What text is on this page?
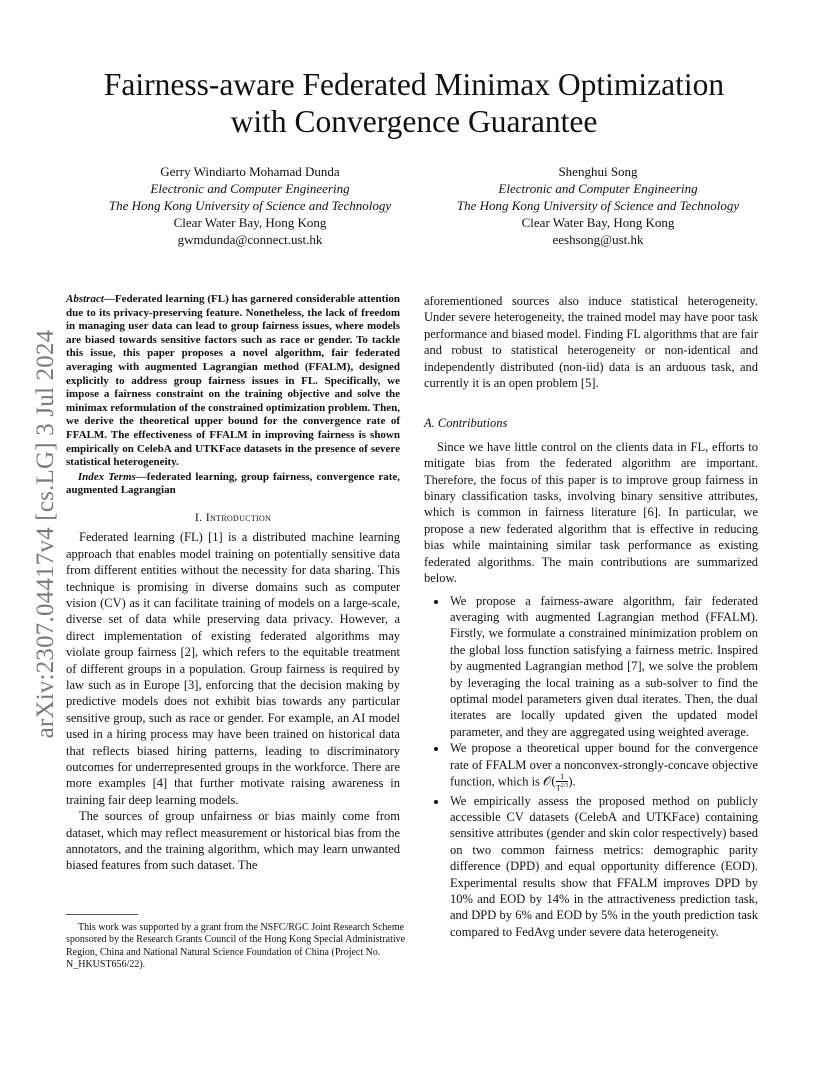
arXiv:2307.04417v4 [cs.LG] 3 Jul 2024
Fairness-aware Federated Minimax Optimization
with Convergence Guarantee
Gerry Windiarto Mohamad Dunda
Electronic and Computer Engineering
The Hong Kong University of Science and Technology
Clear Water Bay, Hong Kong
gwmdunda@connect.ust.hk
Shenghui Song
Electronic and Computer Engineering
The Hong Kong University of Science and Technology
Clear Water Bay, Hong Kong
eeshsong@ust.hk

Abstract—Federated learning (FL) has garnered considerable attention due to its privacy-preserving feature. Nonetheless, the lack of freedom in managing user data can lead to group fairness issues, where models are biased towards sensitive factors such as race or gender. To tackle this issue, this paper proposes a novel algorithm, fair federated averaging with augmented Lagrangian method (FFALM), designed explicitly to address group fairness issues in FL. Specifically, we impose a fairness constraint on the training objective and solve the minimax reformulation of the constrained optimization problem. Then, we derive the theoretical upper bound for the convergence rate of FFALM. The effectiveness of FFALM in improving fairness is shown empirically on CelebA and UTKFace datasets in the presence of severe statistical heterogeneity.

Index Terms—federated learning, group fairness, convergence rate, augmented Lagrangian

I. Introduction

Federated learning (FL) [1] is a distributed machine learning approach that enables model training on potentially sensitive data from different entities without the necessity for data sharing. This technique is promising in diverse domains such as computer vision (CV) as it can facilitate training of models on a large-scale, diverse set of data while preserving data privacy. However, a direct implementation of existing federated algorithms may violate group fairness [2], which refers to the equitable treatment of different groups in a population. Group fairness is required by law such as in Europe [3], enforcing that the decision making by predictive models does not exhibit bias towards any particular sensitive group, such as race or gender. For example, an AI model used in a hiring process may have been trained on historical data that reflects biased hiring patterns, leading to discriminatory outcomes for underrepresented groups in the workforce. There are more examples [4] that further motivate raising awareness in training fair deep learning models.

The sources of group unfairness or bias mainly come from dataset, which may reflect measurement or historical bias from the annotators, and the training algorithm, which may learn unwanted biased features from such dataset. The

aforementioned sources also induce statistical heterogeneity. Under severe heterogeneity, the trained model may have poor task performance and biased model. Finding FL algorithms that are fair and robust to statistical heterogeneity or non-identical and independently distributed (non-iid) data is an arduous task, and currently it is an open problem [5].

A. Contributions

Since we have little control on the clients data in FL, efforts to mitigate bias from the federated algorithm are important. Therefore, the focus of this paper is to improve group fairness in binary classification tasks, involving binary sensitive attributes, which is common in fairness literature [6]. In particular, we propose a new federated algorithm that is effective in reducing bias while maintaining similar task performance as existing federated algorithms. The main contributions are summarized below.

• We propose a fairness-aware algorithm, fair federated averaging with augmented Lagrangian method (FFALM). Firstly, we formulate a constrained minimization problem on the global loss function satisfying a fairness metric. Inspired by augmented Lagrangian method [7], we solve the problem by leveraging the local training as a sub-solver to find the optimal model parameters given dual iterates. Then, the dual iterates are locally updated given the updated model parameter, and they are aggregated using weighted average.
• We propose a theoretical upper bound for the convergence rate of FFALM over a nonconvex-strongly-concave objective function, which is 𝒪( $\frac{1}{T^{2/3}}$ ).
• We empirically assess the proposed method on publicly accessible CV datasets (CelebA and UTKFace) containing sensitive attributes (gender and skin color respectively) based on two common fairness metrics: demographic parity difference (DPD) and equal opportunity difference (EOD). Experimental results show that FFALM improves DPD by 10% and EOD by 14% in the attractiveness prediction task, and DPD by 6% and EOD by 5% in the youth prediction task compared to FedAvg under severe data heterogeneity.
This work was supported by a grant from the NSFC/RGC Joint Research Scheme sponsored by the Research Grants Council of the Hong Kong Special Administrative Region, China and National Natural Science Foundation of China (Project No. N_HKUST656/22).
